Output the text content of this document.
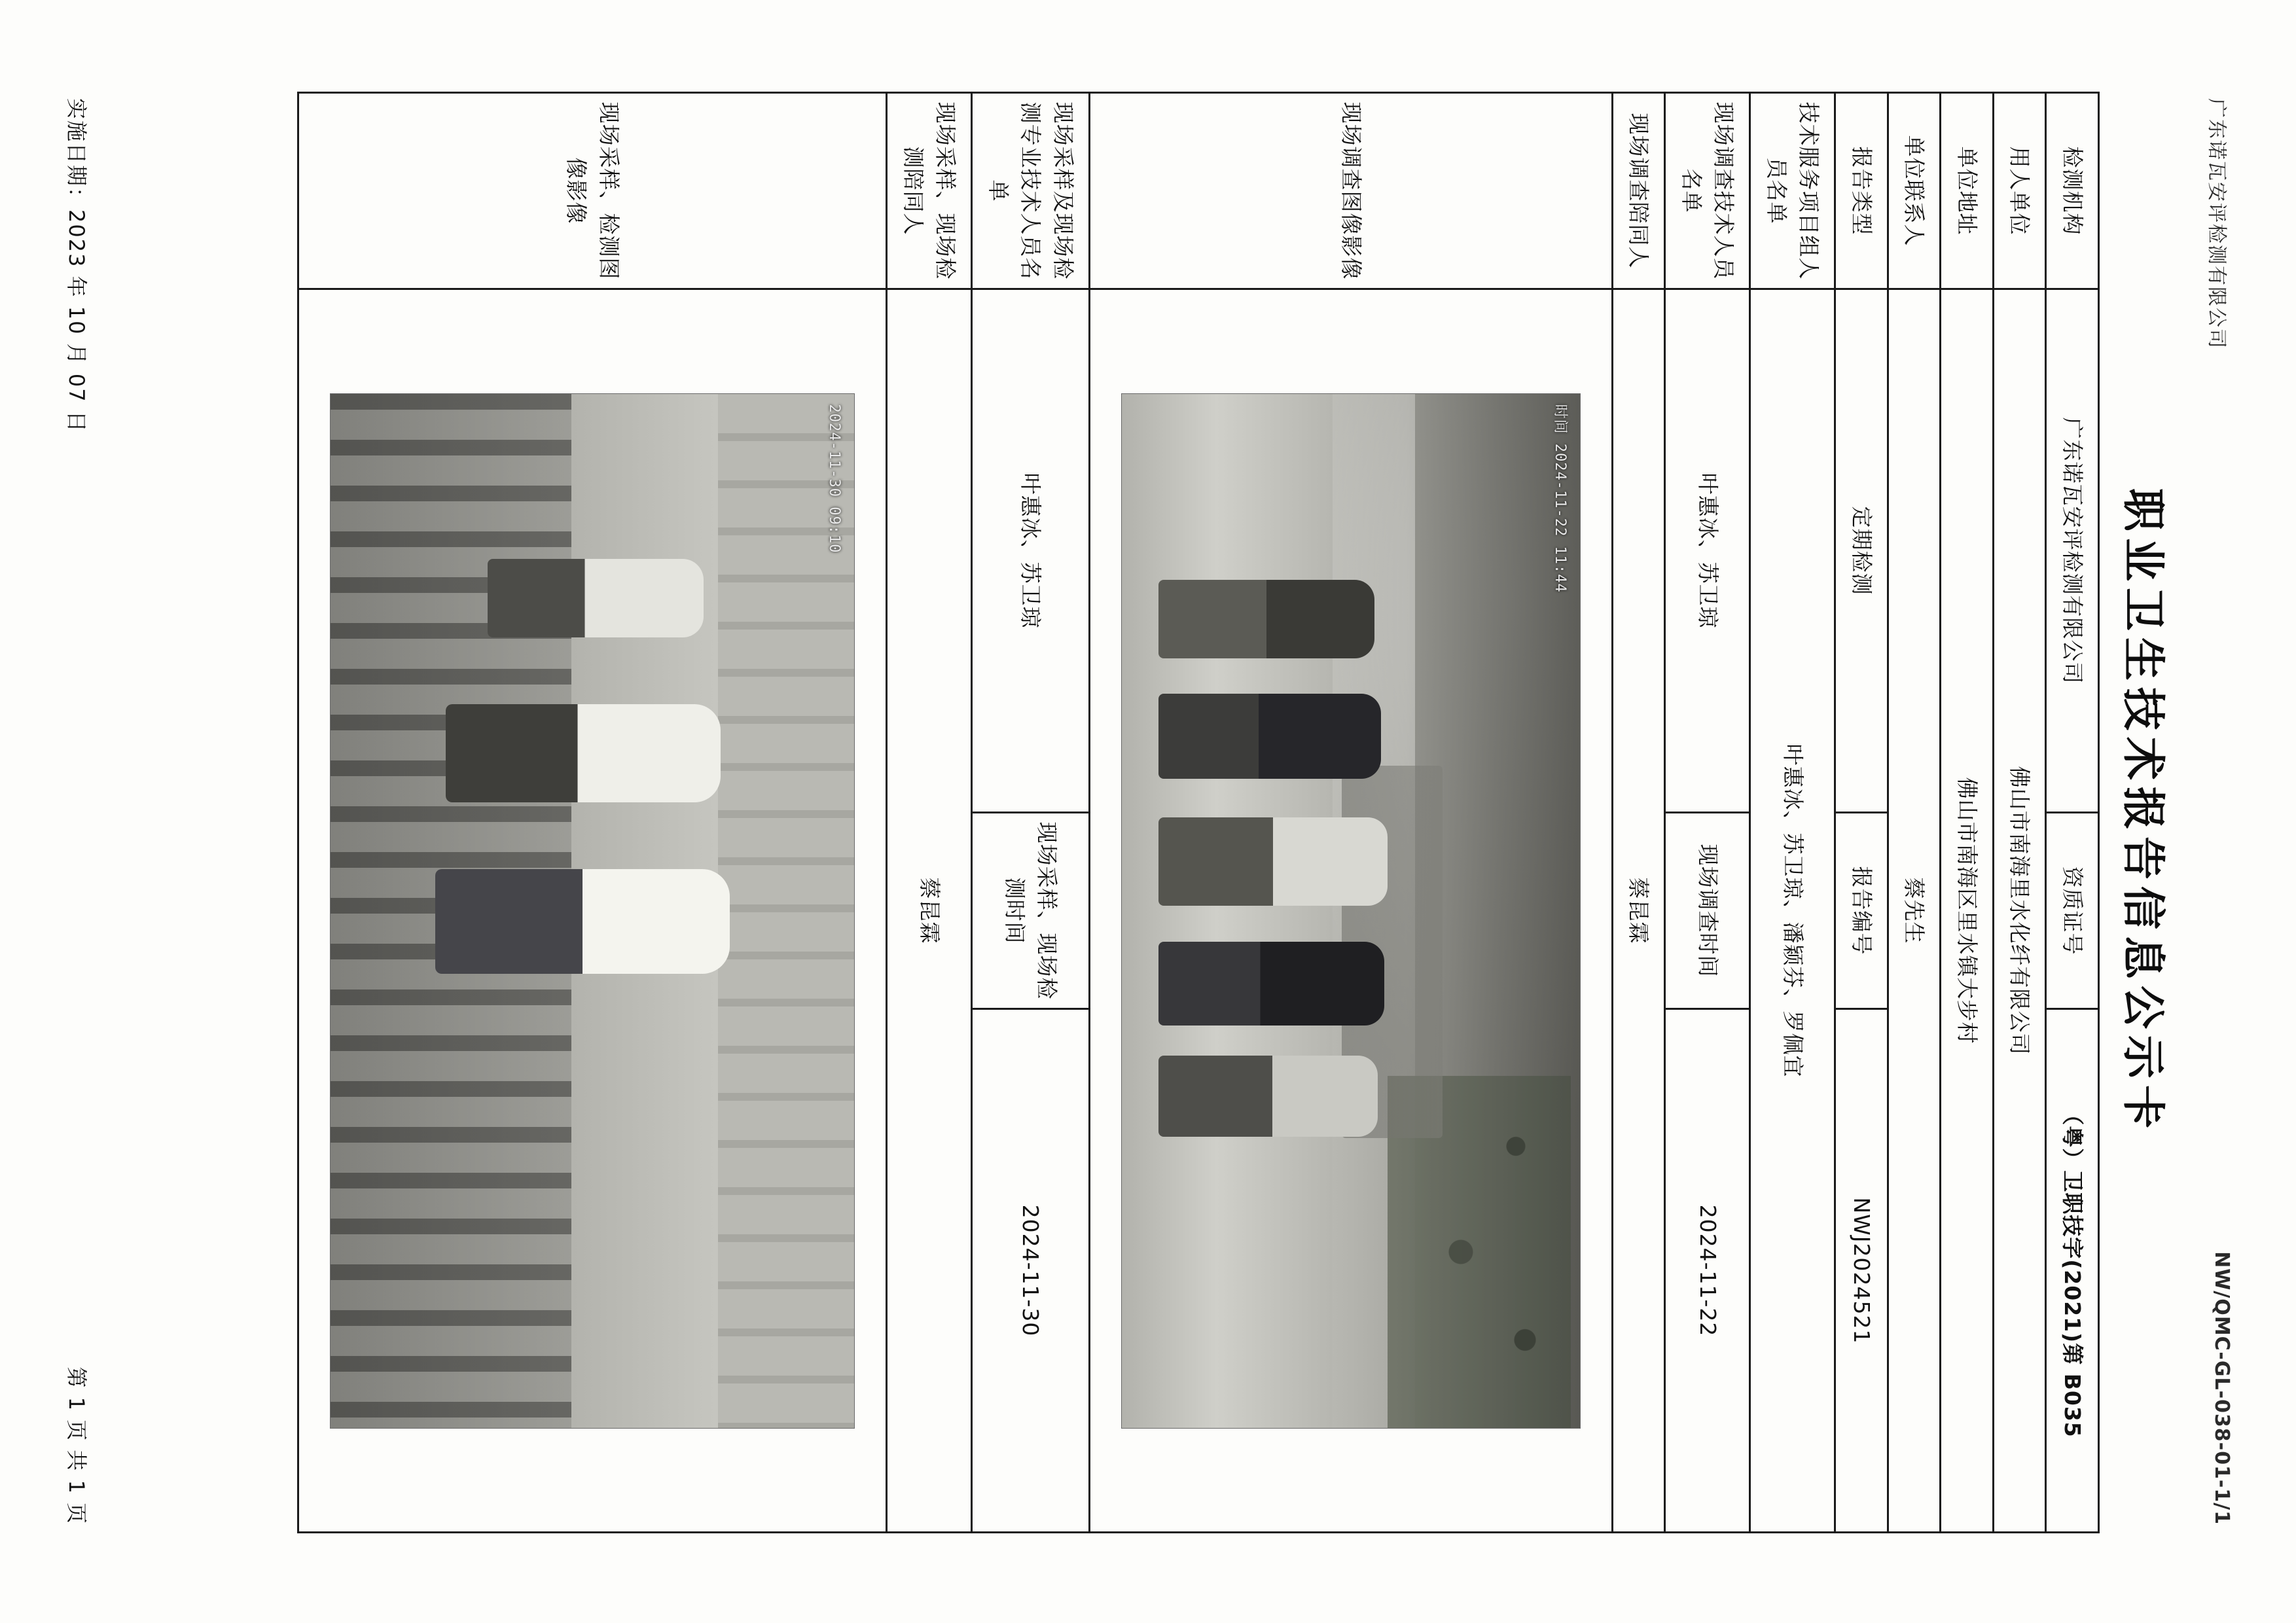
广东诺瓦安评检测有限公司
NW/QMC-GL-038-01-1/1
职业卫生技术报告信息公示卡
检测机构	广东诺瓦安评检测有限公司	资质证号	（粤）卫职技字(2021)第 B035
用人单位	佛山市南海里水化纤有限公司		
单位地址	佛山市南海区里水镇大步村		
单位联系人	蔡先生		
报告类型	定期检测	报告编号	NWJ2024521
技术服务项目组人员名单	叶惠冰、苏卫琼、潘颖芬、罗佩宜		
现场调查技术人员名单	叶惠冰、苏卫琼	现场调查时间	2024-11-22
现场调查陪同人	蔡昆霖		
现场调查图像影像	时间 2024-11-22 11:44		

现场采样及现场检测专业技术人员名单	叶惠冰、苏卫琼	现场采样、现场检测时间	2024-11-30
现场采样、现场检测陪同人	蔡昆霖		
现场采样、检测图像影像	2024-11-30 09:10		
实施日期：2023 年 10 月 07 日
第 1 页 共 1 页
